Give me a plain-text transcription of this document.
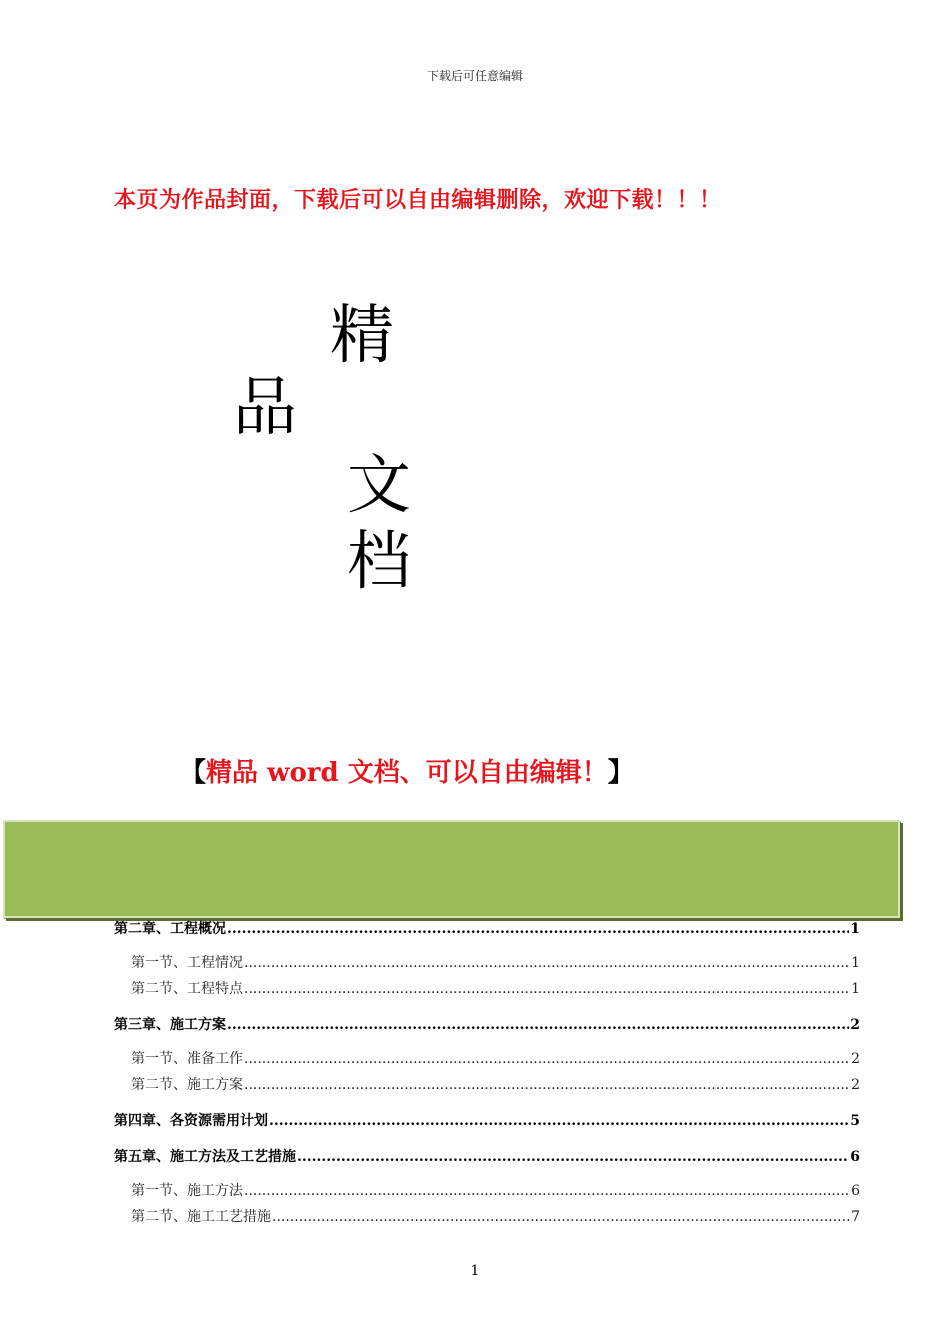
下载后可任意编辑
本页为作品封面，下载后可以自由编辑删除，欢迎下载！！！
精
品
文
档
【精品 word 文档、可以自由编辑！】
第二章、工程概况 .....	1
第一节、工程情况 .....	1
第二节、工程特点 .....	1
第三章、施工方案 .....	2
第一节、准备工作 .....	2
第二节、施工方案 .....	2
第四章、各资源需用计划 .....	5
第五章、施工方法及工艺措施 .....	6
第一节、施工方法 .....	6
第二节、施工工艺措施 .....	7
1
